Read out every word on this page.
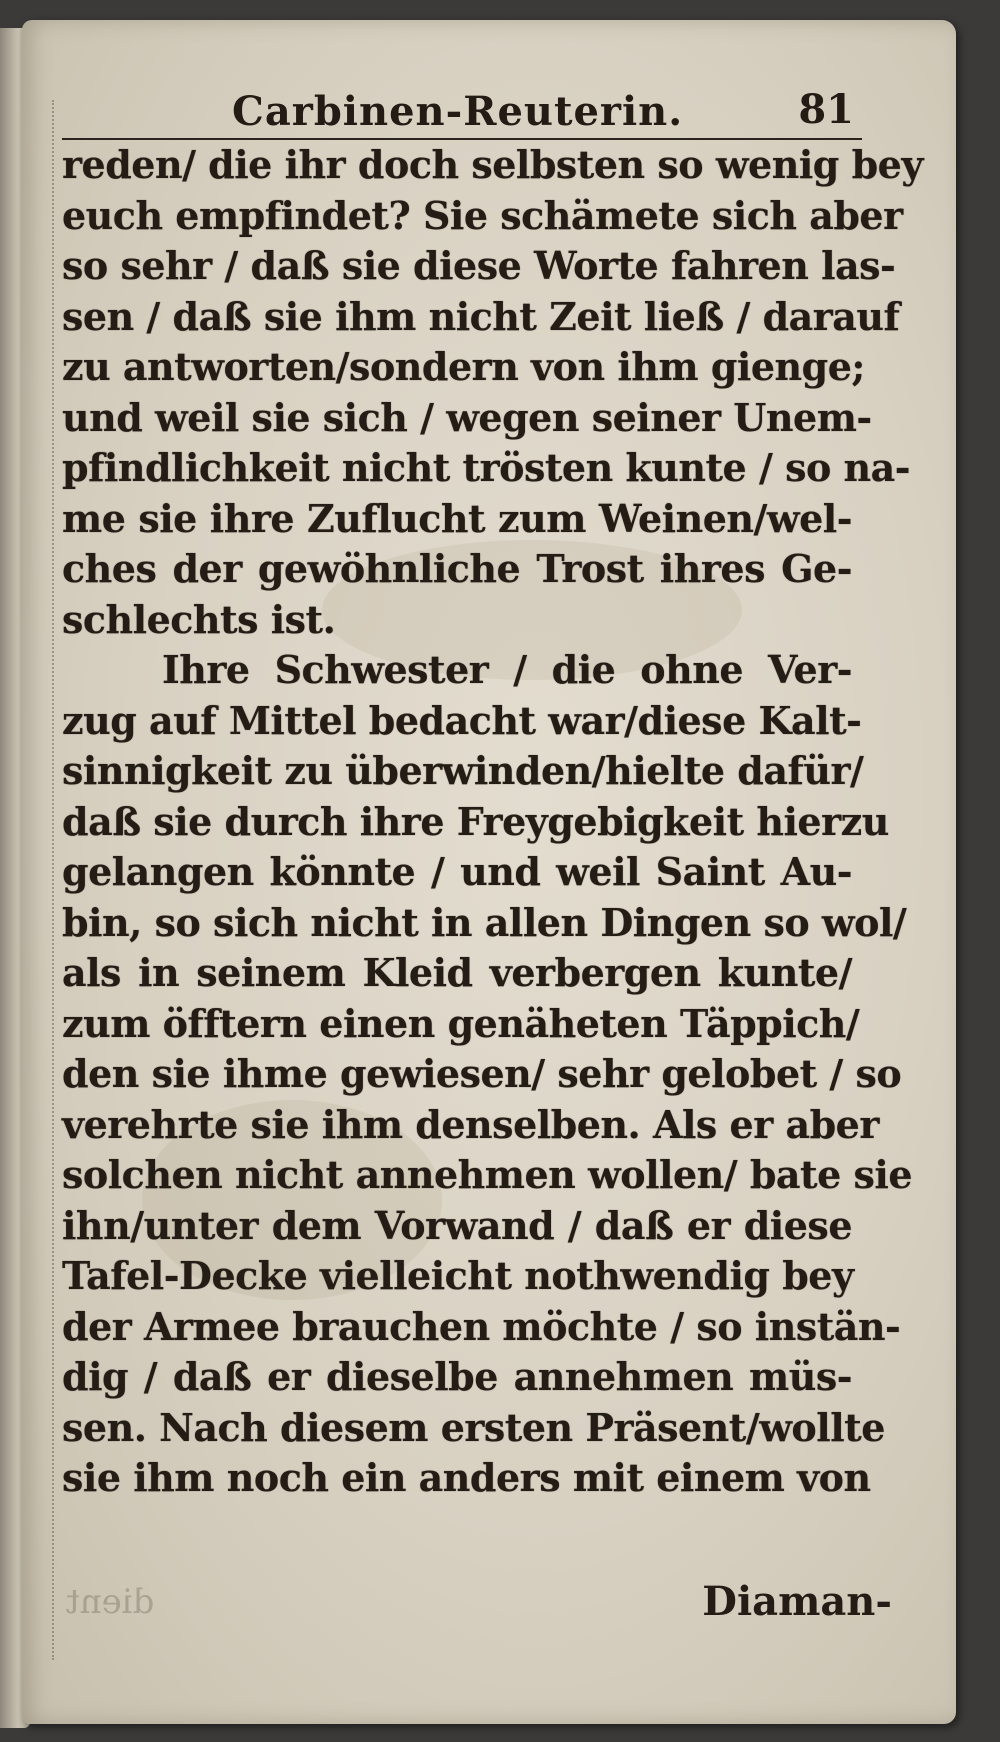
Carbinen-Reuterin.	81
reden/ die ihr doch selbsten so wenig bey
euch empfindet? Sie schämete sich aber
so sehr / daß sie diese Worte fahren las-
sen / daß sie ihm nicht Zeit ließ / darauf
zu antworten/sondern von ihm gienge;
und weil sie sich / wegen seiner Unem-
pfindlichkeit nicht trösten kunte / so na-
me sie ihre Zuflucht zum Weinen/wel-
ches der gewöhnliche Trost ihres Ge-
schlechts ist.
Ihre Schwester / die ohne Ver-
zug auf Mittel bedacht war/diese Kalt-
sinnigkeit zu überwinden/hielte dafür/
daß sie durch ihre Freygebigkeit hierzu
gelangen könnte / und weil Saint Au-
bin, so sich nicht in allen Dingen so wol/
als in seinem Kleid verbergen kunte/
zum öfftern einen genäheten Täppich/
den sie ihme gewiesen/ sehr gelobet / so
verehrte sie ihm denselben. Als er aber
solchen nicht annehmen wollen/ bate sie
ihn/unter dem Vorwand / daß er diese
Tafel-Decke vielleicht nothwendig bey
der Armee brauchen möchte / so instän-
dig / daß er dieselbe annehmen müs-
sen. Nach diesem ersten Präsent/wollte
sie ihm noch ein anders mit einem von
dient	Diaman-
